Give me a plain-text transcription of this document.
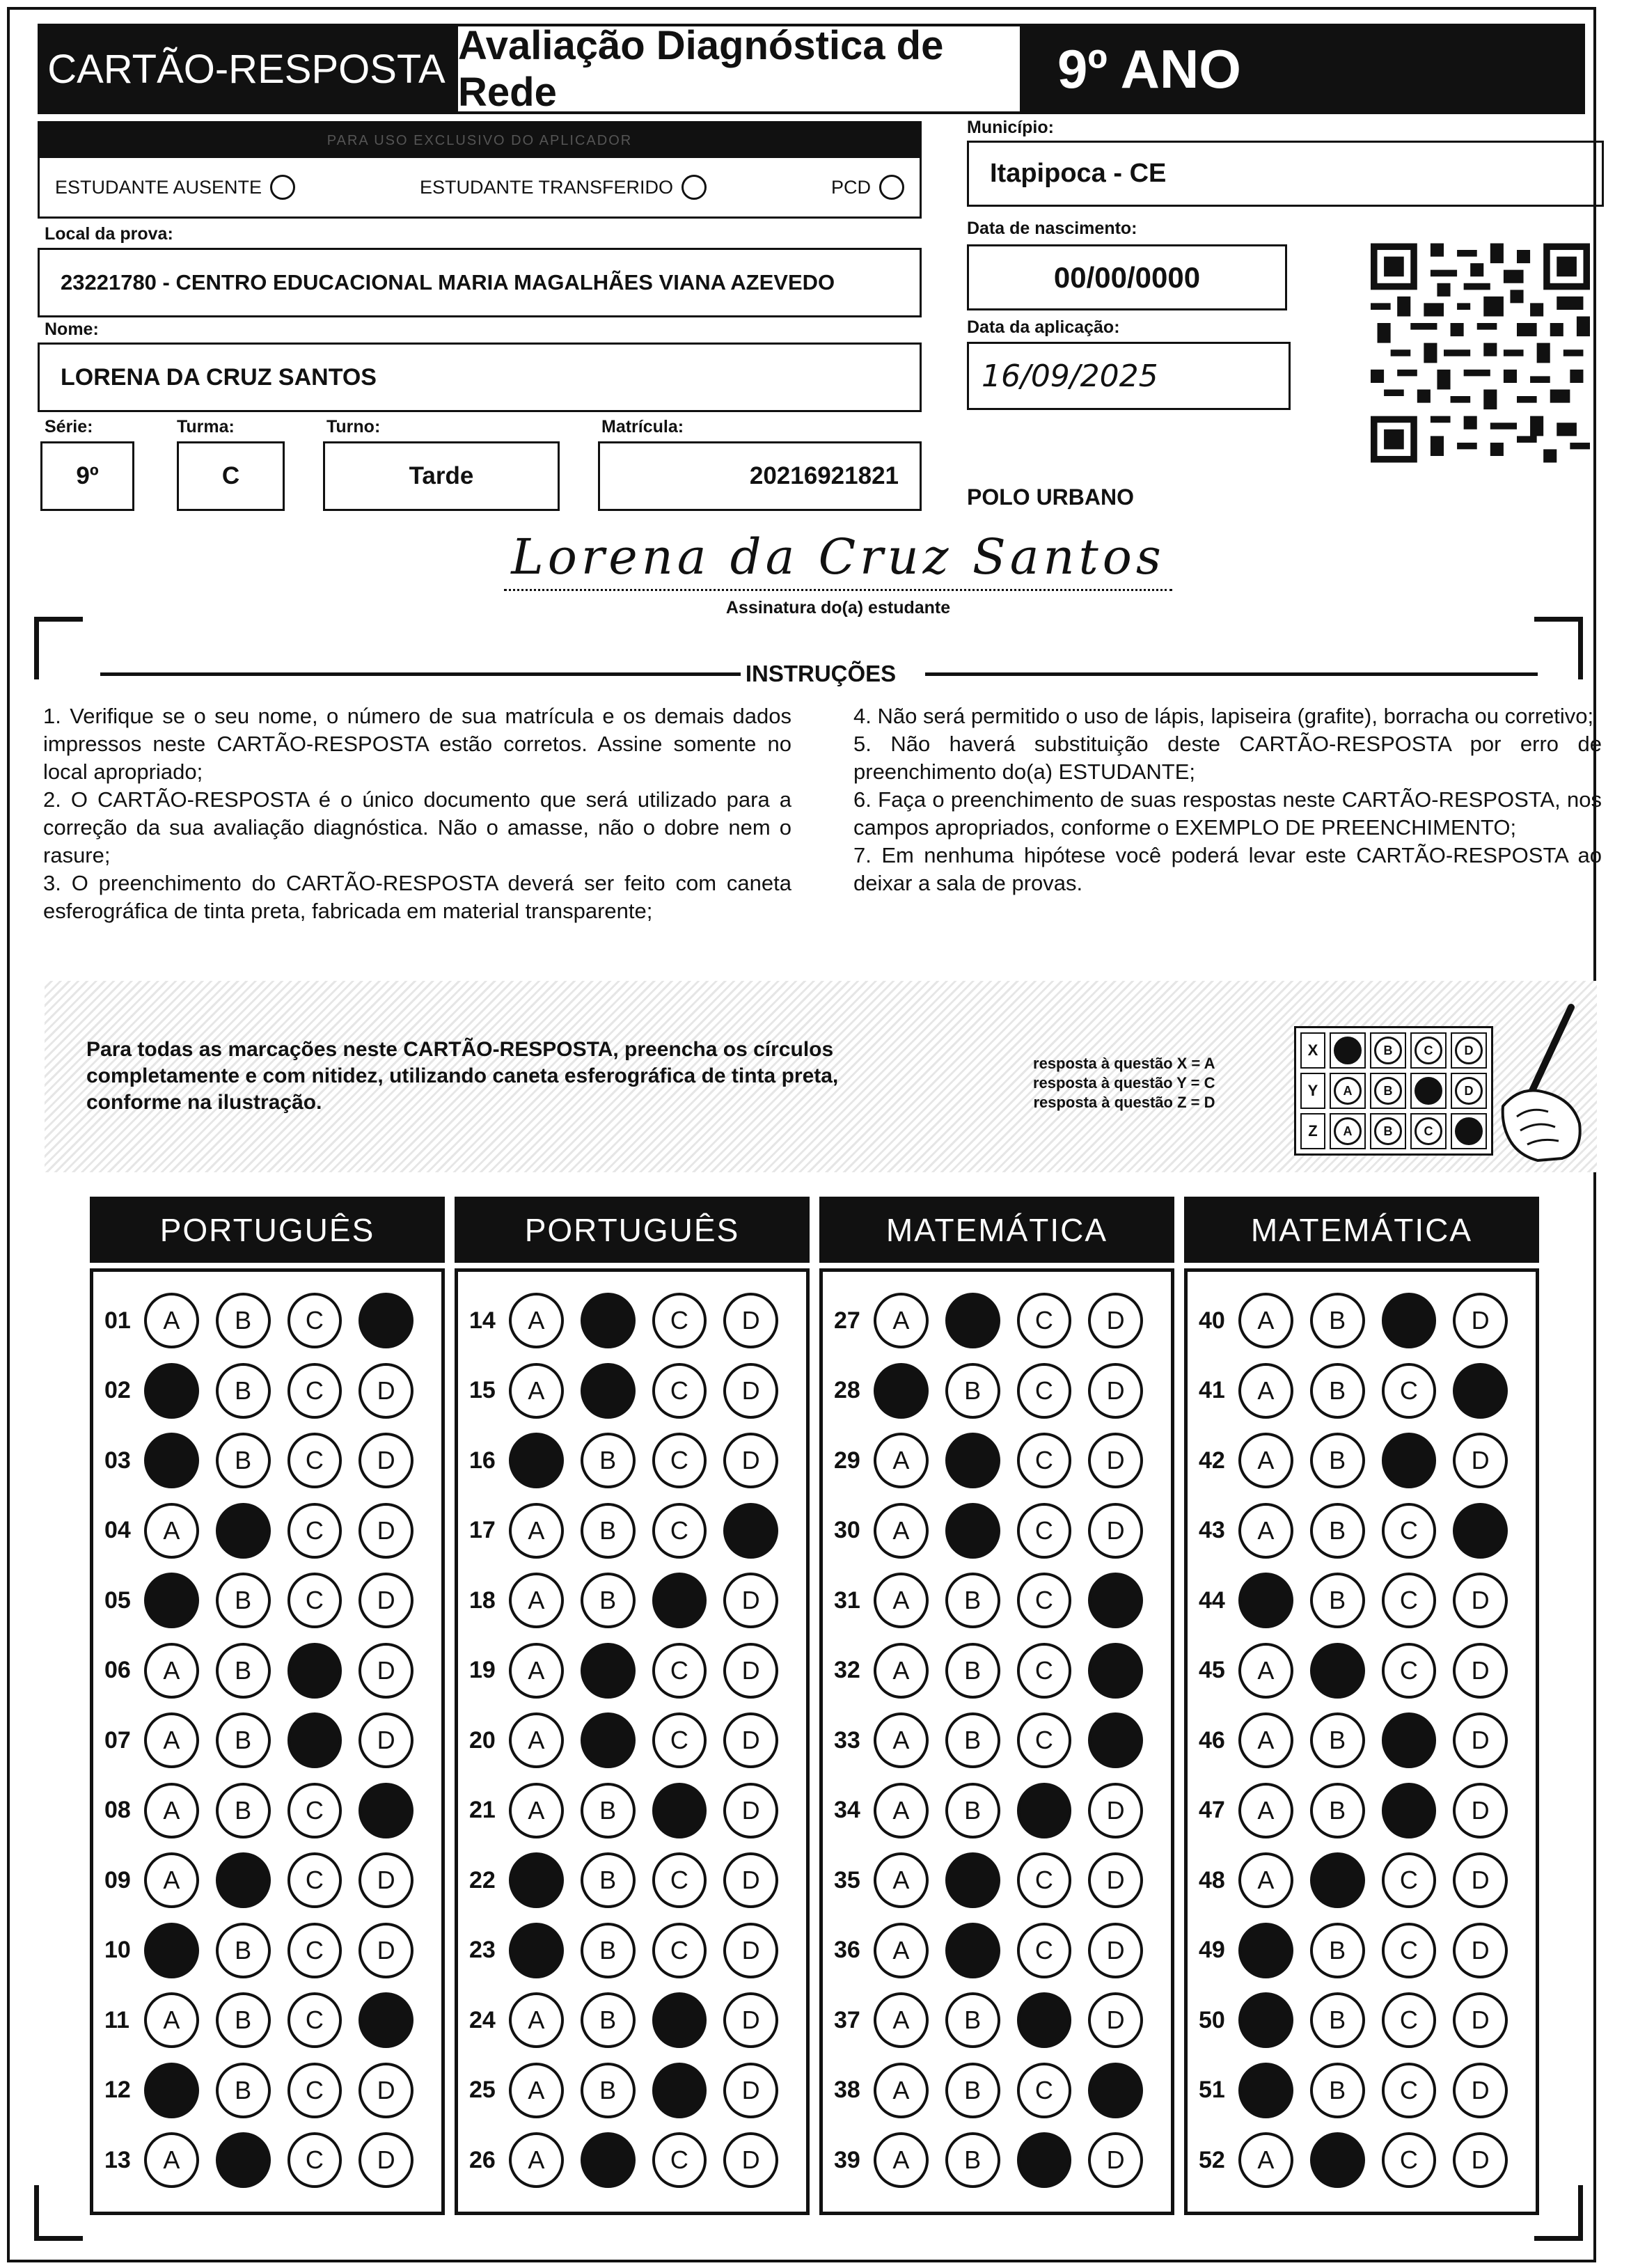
CARTÃO-RESPOSTA
Avaliação Diagnóstica de Rede	9º ANO
PARA USO EXCLUSIVO DO APLICADOR
ESTUDANTE AUSENTE	ESTUDANTE TRANSFERIDO	PCD
Município:
Itapipoca - CE
Local da prova:
23221780 - CENTRO EDUCACIONAL MARIA MAGALHÃES VIANA AZEVEDO
Data de nascimento:
00/00/0000
Nome:
LORENA DA CRUZ SANTOS
Data da aplicação:
16/09/2025
Série:
9º
Turma:
C
Turno:
Tarde
Matrícula:
20216921821
POLO URBANO
Lorena da Cruz Santos
Assinatura do(a) estudante
INSTRUÇÕES

1. Verifique se o seu nome, o número de sua matrícula e os demais dados impressos neste CARTÃO-RESPOSTA estão corretos. Assine somente no local apropriado;

2. O CARTÃO-RESPOSTA é o único documento que será utilizado para a correção da sua avaliação diagnóstica. Não o amasse, não o dobre nem o rasure;

3. O preenchimento do CARTÃO-RESPOSTA deverá ser feito com caneta esferográfica de tinta preta, fabricada em material transparente;

4. Não será permitido o uso de lápis, lapiseira (grafite), borracha ou corretivo;

5. Não haverá substituição deste CARTÃO-RESPOSTA por erro de preenchimento do(a) ESTUDANTE;

6. Faça o preenchimento de suas respostas neste CARTÃO-RESPOSTA, nos campos apropriados, conforme o EXEMPLO DE PREENCHIMENTO;

7. Em nenhuma hipótese você poderá levar este CARTÃO-RESPOSTA ao deixar a sala de provas.

Para todas as marcações neste CARTÃO-RESPOSTA, preencha os círculos completamente e com nitidez, utilizando caneta esferográfica de tinta preta, conforme na ilustração.
resposta à questão X = A
resposta à questão Y = C
resposta à questão Z = D
X	B	C	D
Y	A	B	D
Z	A	B	C
PORTUGUÊS
01	A	B	C
02	B	C	D
03	B	C	D
04	A	C	D
05	B	C	D
06	A	B	D
07	A	B	D
08	A	B	C
09	A	C	D
10	B	C	D
11	A	B	C
12	B	C	D
13	A	C	D
PORTUGUÊS
14	A	C	D
15	A	C	D
16	B	C	D
17	A	B	C
18	A	B	D
19	A	C	D
20	A	C	D
21	A	B	D
22	B	C	D
23	B	C	D
24	A	B	D
25	A	B	D
26	A	C	D
MATEMÁTICA
27	A	C	D
28	B	C	D
29	A	C	D
30	A	C	D
31	A	B	C
32	A	B	C
33	A	B	C
34	A	B	D
35	A	C	D
36	A	C	D
37	A	B	D
38	A	B	C
39	A	B	D
MATEMÁTICA
40	A	B	D
41	A	B	C
42	A	B	D
43	A	B	C
44	B	C	D
45	A	C	D
46	A	B	D
47	A	B	D
48	A	C	D
49	B	C	D
50	B	C	D
51	B	C	D
52	A	C	D
